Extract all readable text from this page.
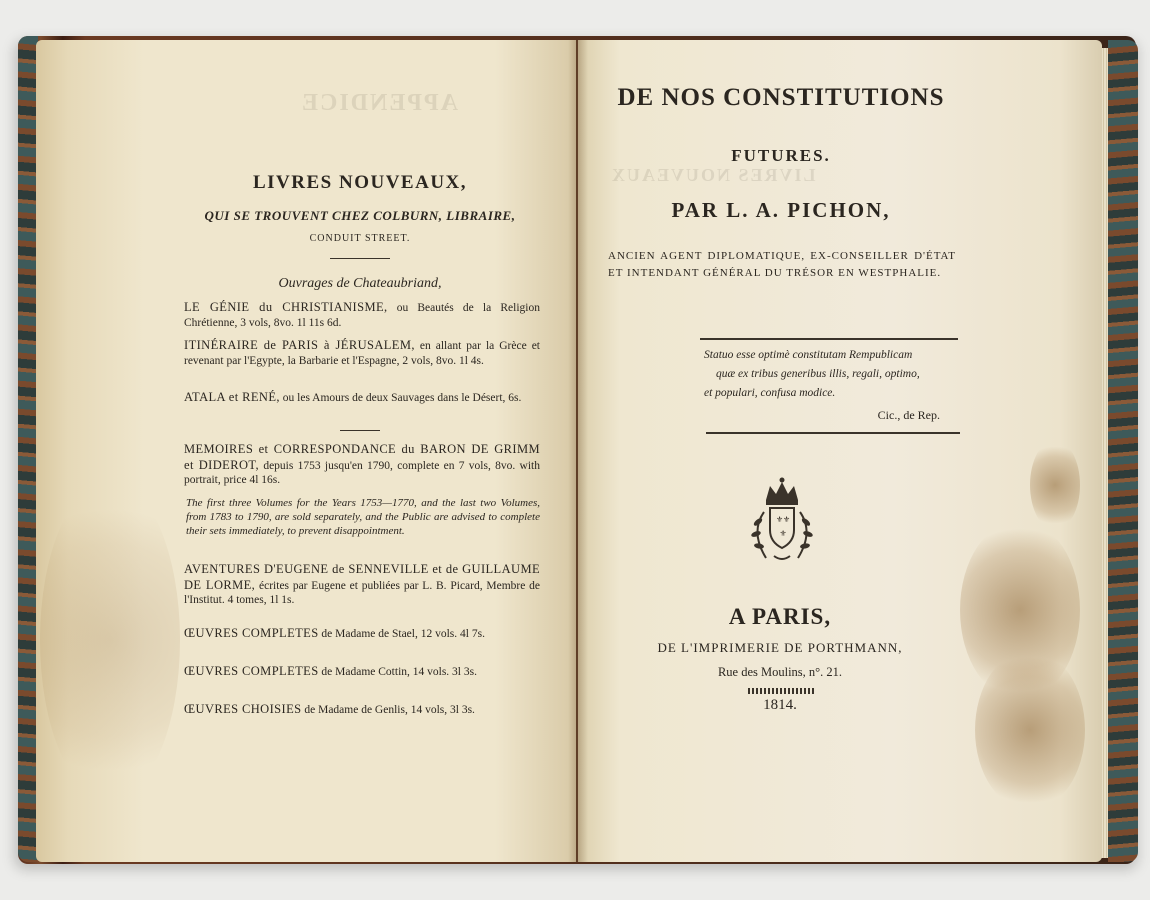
APPENDICE
LIVRES NOUVEAUX
LIVRES NOUVEAUX,
QUI SE TROUVENT CHEZ COLBURN, LIBRAIRE,
CONDUIT STREET.
Ouvrages de Chateaubriand,
LE GÉNIE du CHRISTIANISME, ou Beautés de la Religion Chrétienne, 3 vols, 8vo. 1l 11s 6d.
ITINÉRAIRE de PARIS à JÉRUSALEM, en allant par la Grèce et revenant par l'Egypte, la Barbarie et l'Espagne, 2 vols, 8vo. 1l 4s.
ATALA et RENÉ, ou les Amours de deux Sauvages dans le Désert, 6s.
MEMOIRES et CORRESPONDANCE du BARON DE GRIMM et DIDEROT, depuis 1753 jusqu'en 1790, complete en 7 vols, 8vo. with portrait, price 4l 16s.
The first three Volumes for the Years 1753—1770, and the last two Volumes, from 1783 to 1790, are sold separately, and the Public are advised to complete their sets immediately, to prevent disappointment.
AVENTURES D'EUGENE de SENNEVILLE et de GUILLAUME DE LORME, écrites par Eugene et publiées par L. B. Picard, Membre de l'Institut. 4 tomes, 1l 1s.
ŒUVRES COMPLETES de Madame de Stael, 12 vols. 4l 7s.
ŒUVRES COMPLETES de Madame Cottin, 14 vols. 3l 3s.
ŒUVRES CHOISIES de Madame de Genlis, 14 vols, 3l 3s.
DE NOS CONSTITUTIONS
FUTURES.
PAR L. A. PICHON,
ANCIEN AGENT DIPLOMATIQUE, EX-CONSEILLER D'ÉTAT ET INTENDANT GÉNÉRAL DU TRÉSOR EN WESTPHALIE.
Statuo esse optimè constitutam Rempublicam
quæ ex tribus generibus illis, regali, optimo,
et populari, confusa modice.
Cic., de Rep.
⚜ ⚜
⚜
A PARIS,
DE L'IMPRIMERIE DE PORTHMANN,
Rue des Moulins, n°. 21.
1814.
